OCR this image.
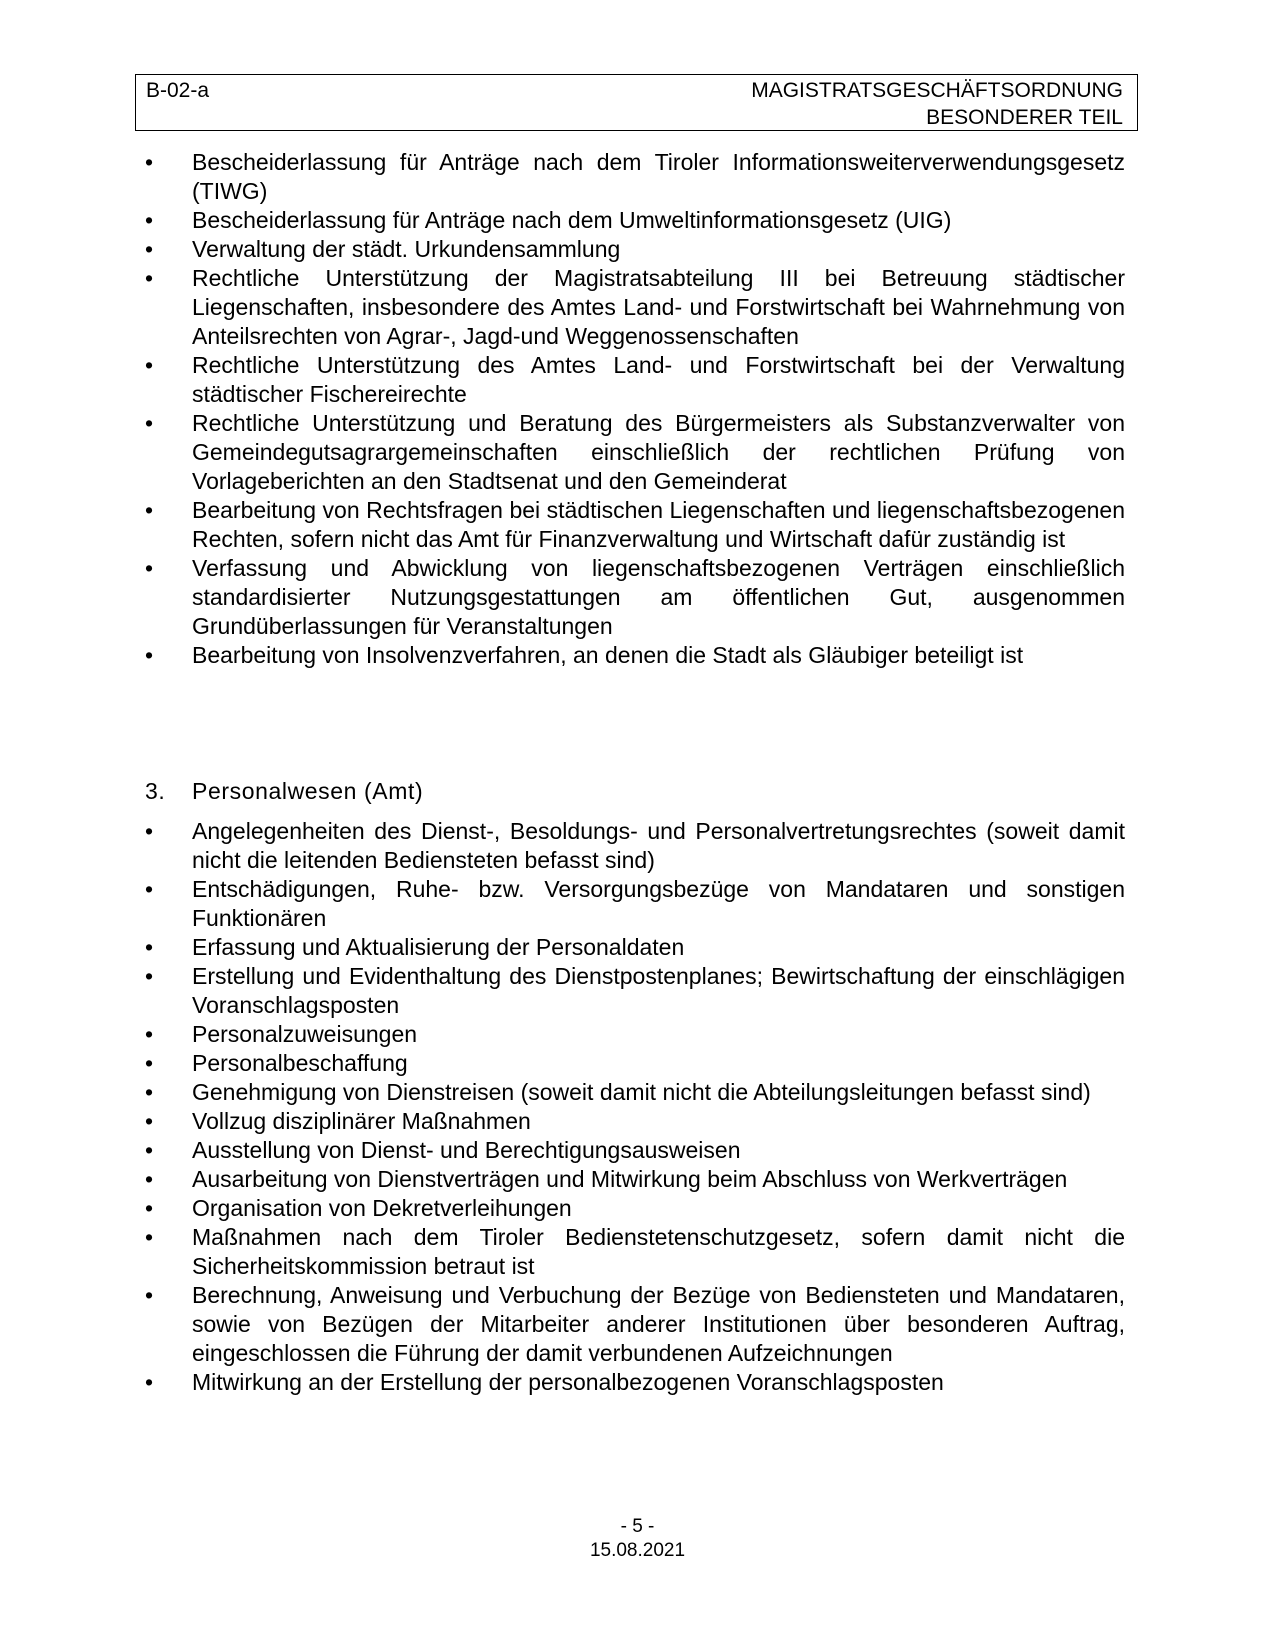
B-02-a	MAGISTRATSGESCHÄFTSORDNUNG
BESONDERER TEIL
•	Bescheiderlassung für Anträge nach dem Tiroler Informationsweiterverwendungsgesetz (TIWG)
•	Bescheiderlassung für Anträge nach dem Umweltinformationsgesetz (UIG)
•	Verwaltung der städt. Urkundensammlung
•	Rechtliche Unterstützung der Magistratsabteilung III bei Betreuung städtischer Liegenschaften, insbesondere des Amtes Land- und Forstwirtschaft bei Wahrnehmung von Anteilsrechten von Agrar-, Jagd-und Weggenossenschaften
•	Rechtliche Unterstützung des Amtes Land- und Forstwirtschaft bei der Verwaltung städtischer Fischereirechte
•	Rechtliche Unterstützung und Beratung des Bürgermeisters als Substanzverwalter von Gemeindegutsagrargemeinschaften einschließlich der rechtlichen Prüfung von Vorlageberichten an den Stadtsenat und den Gemeinderat
•	Bearbeitung von Rechtsfragen bei städtischen Liegenschaften und liegenschaftsbezogenen Rechten, sofern nicht das Amt für Finanzverwaltung und Wirtschaft dafür zuständig ist
•	Verfassung und Abwicklung von liegenschaftsbezogenen Verträgen einschließlich standardisierter Nutzungsgestattungen am öffentlichen Gut, ausgenommen Grundüberlassungen für Veranstaltungen
•	Bearbeitung von Insolvenzverfahren, an denen die Stadt als Gläubiger beteiligt ist
3. Personalwesen (Amt)
•	Angelegenheiten des Dienst-, Besoldungs- und Personalvertretungsrechtes (soweit damit nicht die leitenden Bediensteten befasst sind)
•	Entschädigungen, Ruhe- bzw. Versorgungsbezüge von Mandataren und sonstigen Funktionären
•	Erfassung und Aktualisierung der Personaldaten
•	Erstellung und Evidenthaltung des Dienstpostenplanes; Bewirtschaftung der einschlägigen Voranschlagsposten
•	Personalzuweisungen
•	Personalbeschaffung
•	Genehmigung von Dienstreisen (soweit damit nicht die Abteilungsleitungen befasst sind)
•	Vollzug disziplinärer Maßnahmen
•	Ausstellung von Dienst- und Berechtigungsausweisen
•	Ausarbeitung von Dienstverträgen und Mitwirkung beim Abschluss von Werkverträgen
•	Organisation von Dekretverleihungen
•	Maßnahmen nach dem Tiroler Bedienstetenschutzgesetz, sofern damit nicht die Sicherheitskommission betraut ist
•	Berechnung, Anweisung und Verbuchung der Bezüge von Bediensteten und Mandataren, sowie von Bezügen der Mitarbeiter anderer Institutionen über besonderen Auftrag, eingeschlossen die Führung der damit verbundenen Aufzeichnungen
•	Mitwirkung an der Erstellung der personalbezogenen Voranschlagsposten
- 5 -
15.08.2021
